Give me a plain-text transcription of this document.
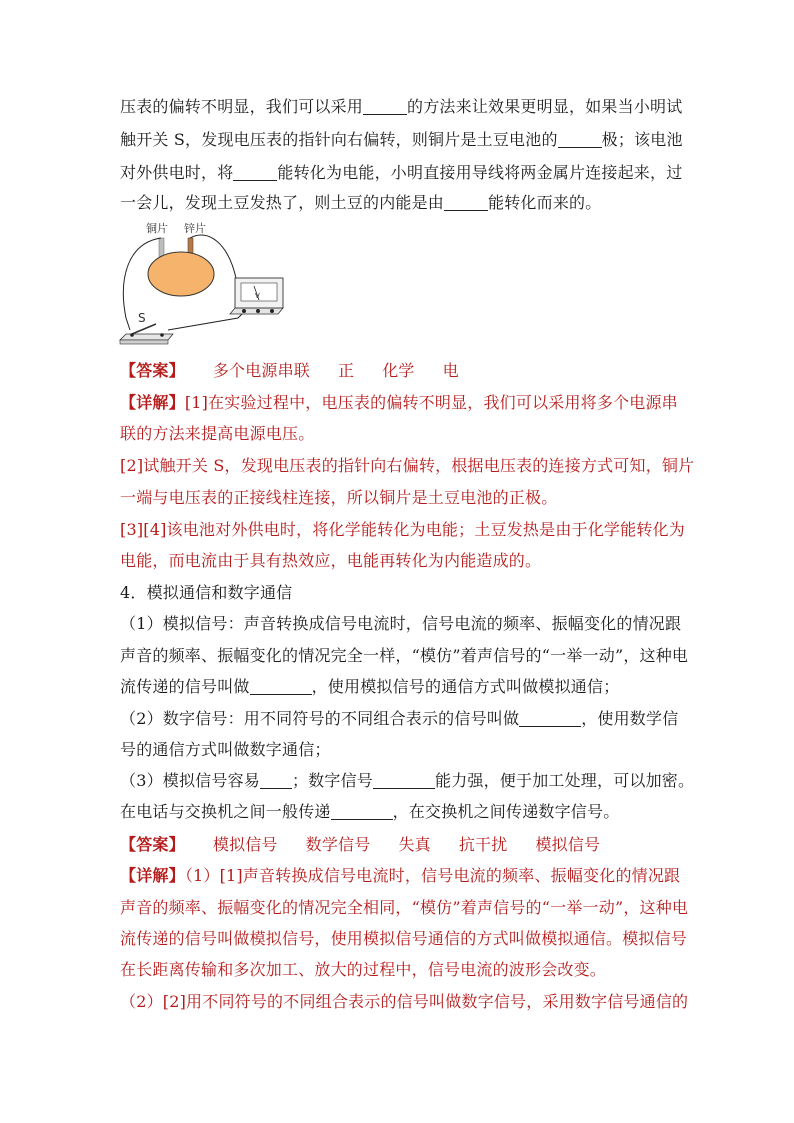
压表的偏转不明显，我们可以采用	的方法来让效果更明显，如果当小明试
触开关 S，发现电压表的指针向右偏转，则铜片是土豆电池的	极；该电池
对外供电时，将	能转化为电能，小明直接用导线将两金属片连接起来，过
一会儿，发现土豆发热了，则土豆的内能是由	能转化而来的。
铜片 锌片
S
V
【答案】 多个电源串联 正 化学 电
【详解】[1]在实验过程中，电压表的偏转不明显，我们可以采用将多个电源串
联的方法来提高电源电压。
[2]试触开关 S，发现电压表的指针向右偏转，根据电压表的连接方式可知，铜片
一端与电压表的正接线柱连接，所以铜片是土豆电池的正极。
[3][4]该电池对外供电时，将化学能转化为电能；土豆发热是由于化学能转化为
电能，而电流由于具有热效应，电能再转化为内能造成的。
4．模拟通信和数字通信
（1）模拟信号：声音转换成信号电流时，信号电流的频率、振幅变化的情况跟
声音的频率、振幅变化的情况完全一样，“模仿”着声信号的“一举一动”，这种电
流传递的信号叫做	，使用模拟信号的通信方式叫做模拟通信；
（2）数字信号：用不同符号的不同组合表示的信号叫做	，使用数学信
号的通信方式叫做数字通信；
（3）模拟信号容易 ；数字信号	能力强，便于加工处理，可以加密。
在电话与交换机之间一般传递	，在交换机之间传递数字信号。
【答案】 模拟信号 数学信号 失真 抗干扰 模拟信号
【详解】（1）[1]声音转换成信号电流时，信号电流的频率、振幅变化的情况跟
声音的频率、振幅变化的情况完全相同，“模仿”着声信号的“一举一动”，这种电
流传递的信号叫做模拟信号，使用模拟信号通信的方式叫做模拟通信。模拟信号
在长距离传输和多次加工、放大的过程中，信号电流的波形会改变。
（2）[2]用不同符号的不同组合表示的信号叫做数字信号，采用数字信号通信的
